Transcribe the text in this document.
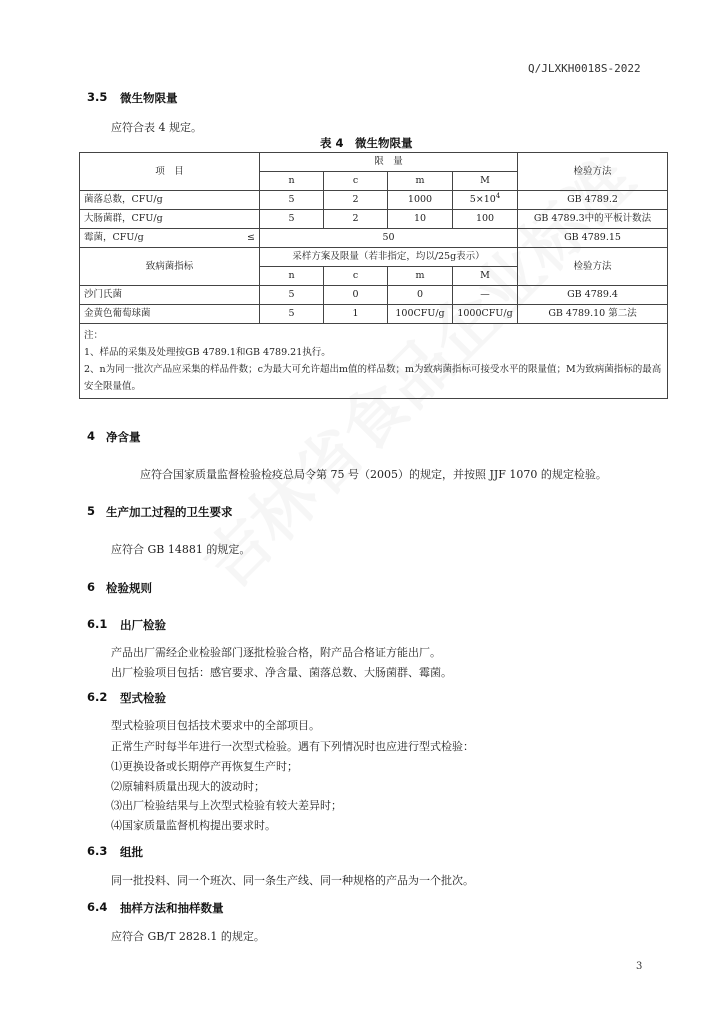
Q/JLXKH0018S-2022
3.5 微生物限量
应符合表 4 规定。
表 4　微生物限量
项　目	限　量				检验方法
	n	c	m	M	
菌落总数，CFU/g	5	2	1000	$5\times 10^4$	GB 4789.2
大肠菌群，CFU/g	5	2	10	100	GB 4789.3中的平板计数法
霉菌，CFU/g ≤	50				GB 4789.15
致病菌指标	采样方案及限量（若非指定，均以/25g表示）				检验方法
	n	c	m	M	
沙门氏菌	5	0	0	—	GB 4789.4
金黄色葡萄球菌	5	1	100CFU/g	1000CFU/g	GB 4789.10 第二法

注：
1、样品的采集及处理按GB 4789.1和GB 4789.21执行。
2、n为同一批次产品应采集的样品件数；c为最大可允许超出m值的样品数；m为致病菌指标可接受水平的限量值；M为致病菌指标的最高安全限量值。					
4 净含量
应符合国家质量监督检验检疫总局令第 75 号（2005）的规定，并按照 JJF 1070 的规定检验。
5 生产加工过程的卫生要求
应符合 GB 14881 的规定。
6 检验规则
6.1 出厂检验
产品出厂需经企业检验部门逐批检验合格，附产品合格证方能出厂。
出厂检验项目包括：感官要求、净含量、菌落总数、大肠菌群、霉菌。
6.2 型式检验
型式检验项目包括技术要求中的全部项目。
正常生产时每半年进行一次型式检验。遇有下列情况时也应进行型式检验：
⑴更换设备或长期停产再恢复生产时；
⑵原辅料质量出现大的波动时；
⑶出厂检验结果与上次型式检验有较大差异时；
⑷国家质量监督机构提出要求时。
6.3 组批
同一批投料、同一个班次、同一条生产线、同一种规格的产品为一个批次。
6.4 抽样方法和抽样数量
应符合 GB/T 2828.1 的规定。
3
